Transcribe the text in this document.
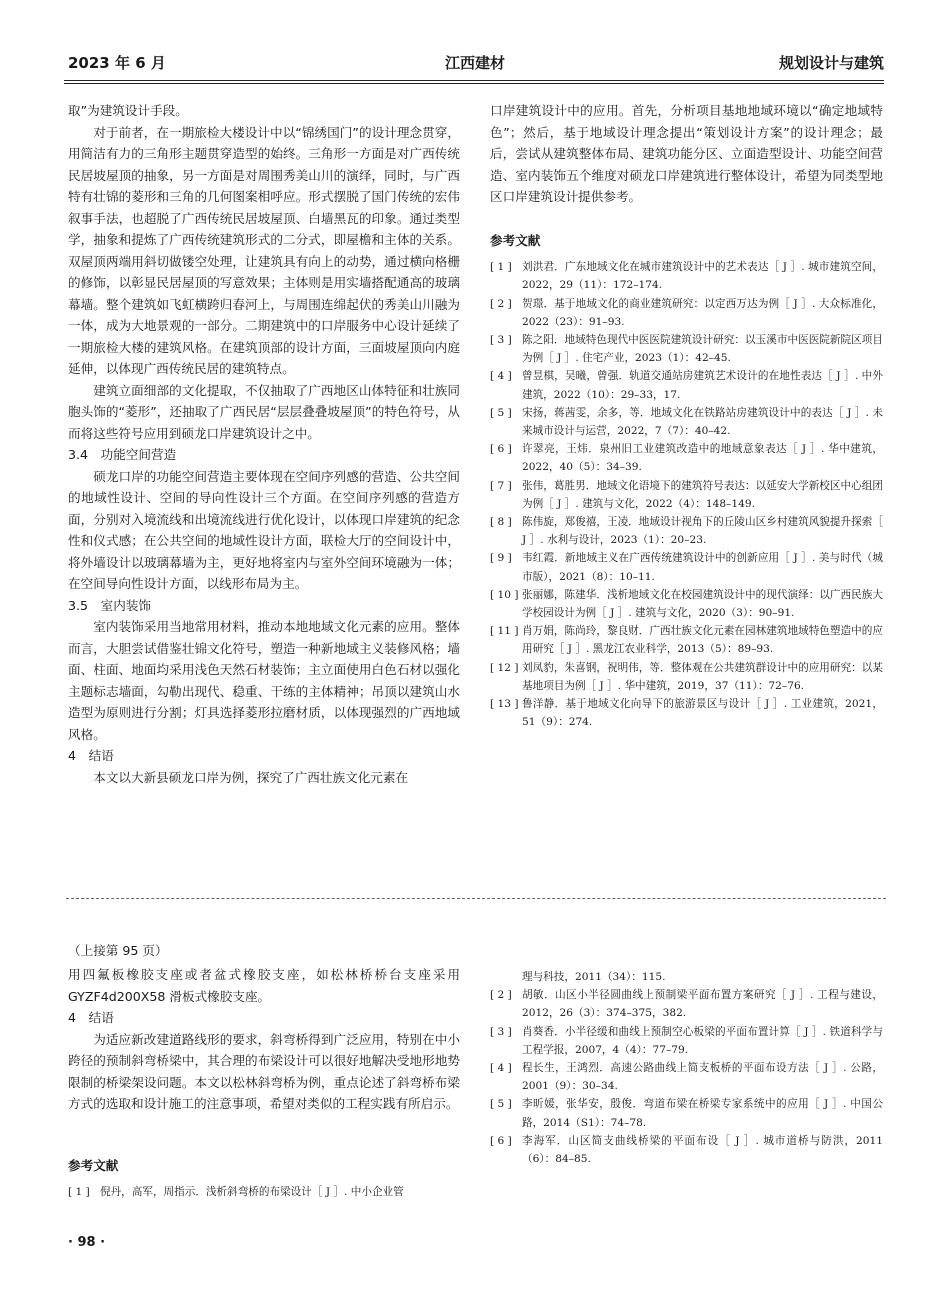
2023 年 6 月	江西建材	规划设计与建筑

取”为建筑设计手段。

对于前者，在一期旅检大楼设计中以“锦绣国门”的设计理念贯穿，用简洁有力的三角形主题贯穿造型的始终。三角形一方面是对广西传统民居坡屋顶的抽象，另一方面是对周围秀美山川的演绎，同时，与广西特有壮锦的菱形和三角的几何图案相呼应。形式摆脱了国门传统的宏伟叙事手法，也超脱了广西传统民居坡屋顶、白墙黑瓦的印象。通过类型学，抽象和提炼了广西传统建筑形式的二分式，即屋檐和主体的关系。双屋顶两端用斜切做镂空处理，让建筑具有向上的动势，通过横向格栅的修饰，以彰显民居屋顶的写意效果；主体则是用实墙搭配通高的玻璃幕墙。整个建筑如飞虹横跨归春河上，与周围连绵起伏的秀美山川融为一体，成为大地景观的一部分。二期建筑中的口岸服务中心设计延续了一期旅检大楼的建筑风格。在建筑顶部的设计方面，三面坡屋顶向内庭延伸，以体现广西传统民居的建筑特点。

建筑立面细部的文化提取，不仅抽取了广西地区山体特征和壮族同胞头饰的“菱形”，还抽取了广西民居“层层叠叠坡屋顶”的特色符号，从而将这些符号应用到硕龙口岸建筑设计之中。

3.4　功能空间营造

硕龙口岸的功能空间营造主要体现在空间序列感的营造、公共空间的地域性设计、空间的导向性设计三个方面。在空间序列感的营造方面，分别对入境流线和出境流线进行优化设计，以体现口岸建筑的纪念性和仪式感；在公共空间的地域性设计方面，联检大厅的空间设计中，将外墙设计以玻璃幕墙为主，更好地将室内与室外空间环境融为一体；在空间导向性设计方面，以线形布局为主。

3.5　室内装饰

室内装饰采用当地常用材料，推动本地地域文化元素的应用。整体而言，大胆尝试借鉴壮锦文化符号，塑造一种新地域主义装修风格；墙面、柱面、地面均采用浅色天然石材装饰；主立面使用白色石材以强化主题标志墙面，勾勒出现代、稳重、干练的主体精神；吊顶以建筑山水造型为原则进行分割；灯具选择菱形拉磨材质，以体现强烈的广西地域风格。

4　结语

本文以大新县硕龙口岸为例，探究了广西壮族文化元素在

口岸建筑设计中的应用。首先，分析项目基地地域环境以“确定地域特色”；然后，基于地域设计理念提出“策划设计方案”的设计理念；最后，尝试从建筑整体布局、建筑功能分区、立面造型设计、功能空间营造、室内装饰五个维度对硕龙口岸建筑进行整体设计，希望为同类型地区口岸建筑设计提供参考。

参考文献

[ 1 ] 刘洪君．广东地域文化在城市建筑设计中的艺术表达［ J ］. 城市建筑空间，2022，29（11）：172–174.

[ 2 ] 贺璟．基于地域文化的商业建筑研究：以定西万达为例［ J ］. 大众标准化，2022（23）：91–93.

[ 3 ] 陈之阳．地域特色现代中医医院建筑设计研究：以玉溪市中医医院新院区项目为例［ J ］. 住宅产业，2023（1）：42–45.

[ 4 ] 曾昱棋，吴曦，曾强．轨道交通站房建筑艺术设计的在地性表达［ J ］. 中外建筑，2022（10）：29–33，17.

[ 5 ] 宋扬，蒋茜雯，余多，等．地域文化在铁路站房建筑设计中的表达［ J ］. 未来城市设计与运营，2022，7（7）：40–42.

[ 6 ] 许翠亮，王炜．泉州旧工业建筑改造中的地域意象表达［ J ］. 华中建筑，2022，40（5）：34–39.

[ 7 ] 张伟，葛胜男．地域文化语境下的建筑符号表达：以延安大学新校区中心组团为例［ J ］. 建筑与文化，2022（4）：148–149.

[ 8 ] 陈伟旋，郑俊禧，王凌．地域设计视角下的丘陵山区乡村建筑风貌提升探索［ J ］. 水利与设计，2023（1）：20–23.

[ 9 ] 韦红霞．新地域主义在广西传统建筑设计中的创新应用［ J ］. 美与时代（城市版），2021（8）：10–11.

[ 10 ] 张丽娜，陈建华．浅析地域文化在校园建筑设计中的现代演绎：以广西民族大学校园设计为例［ J ］. 建筑与文化，2020（3）：90–91.

[ 11 ] 肖万娟，陈尚玲，黎良财．广西壮族文化元素在园林建筑地域特色塑造中的应用研究［ J ］. 黑龙江农业科学，2013（5）：89–93.

[ 12 ] 刘凤豹，朱喜钢，祝明伟，等．整体观在公共建筑群设计中的应用研究：以某基地项目为例［ J ］. 华中建筑，2019，37（11）：72–76.

[ 13 ] 鲁洋静．基于地域文化向导下的旅游景区与设计［ J ］. 工业建筑，2021，51（9）：274.

（上接第 95 页）

用四氟板橡胶支座或者盆式橡胶支座，如松林桥桥台支座采用 GYZF4d200X58 滑板式橡胶支座。

4　结语

为适应新改建道路线形的要求，斜弯桥得到广泛应用，特别在中小跨径的预制斜弯桥梁中，其合理的布梁设计可以很好地解决受地形地势限制的桥梁架设问题。本文以松林斜弯桥为例，重点论述了斜弯桥布梁方式的选取和设计施工的注意事项，希望对类似的工程实践有所启示。

参考文献

[ 1 ] 倪丹，高军，周指示．浅析斜弯桥的布梁设计［ J ］. 中小企业管

理与科技，2011（34）：115.

[ 2 ] 胡敏．山区小半径圆曲线上预制梁平面布置方案研究［ J ］. 工程与建设，2012，26（3）：374–375，382.

[ 3 ] 肖葵香．小半径缓和曲线上预制空心板梁的平面布置计算［ J ］. 铁道科学与工程学报，2007，4（4）：77–79.

[ 4 ] 程长生，王鸿烈．高速公路曲线上简支板桥的平面布设方法［ J ］. 公路，2001（9）：30–34.

[ 5 ] 李昕媛，张华安，殷俊．弯道布梁在桥梁专家系统中的应用［ J ］. 中国公路，2014（S1）：74–78.

[ 6 ] 李海军．山区简支曲线桥梁的平面布设［ J ］. 城市道桥与防洪，2011（6）：84–85.

· 98 ·
